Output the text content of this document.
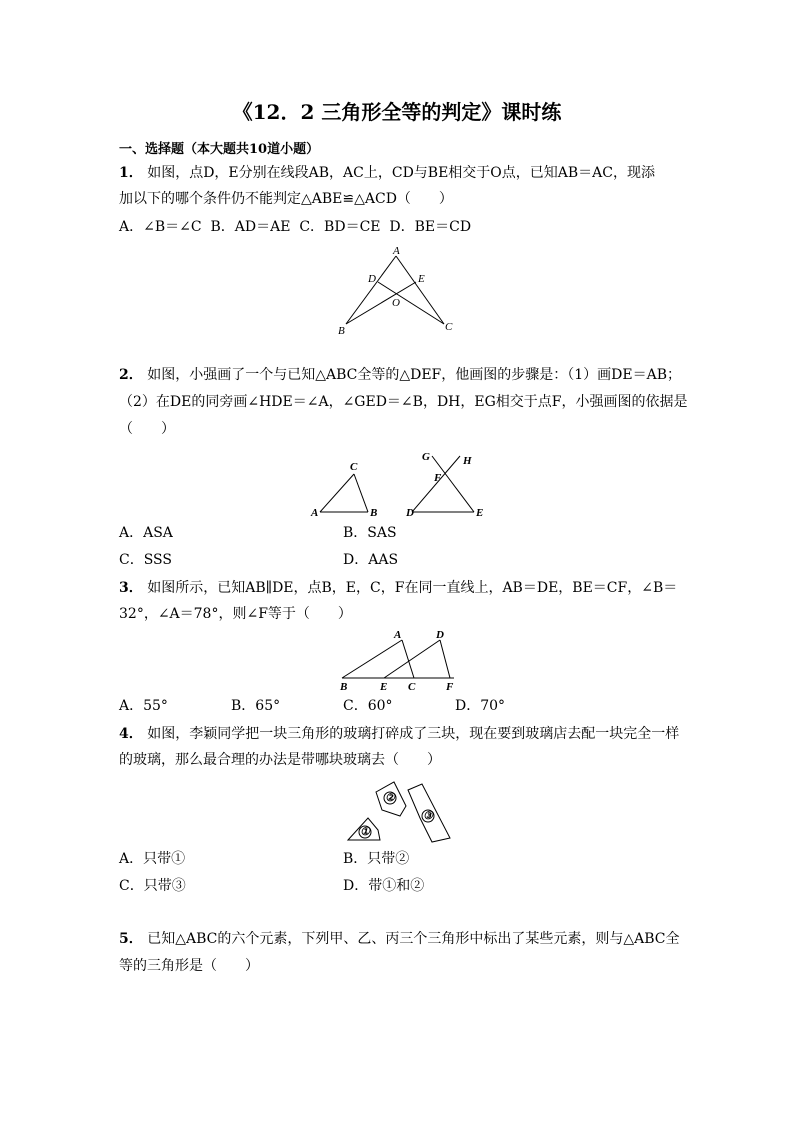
《12．2 三角形全等的判定》课时练
一、选择题（本大题共10道小题）
1． 如图，点D，E分别在线段AB，AC上，CD与BE相交于O点，已知AB＝AC，现添
加以下的哪个条件仍不能判定△ABE≌△ACD（　　）
A．∠B＝∠C B．AD＝AE C．BD＝CE D．BE＝CD
A
D	E
O
B	C
2． 如图，小强画了一个与已知△ABC全等的△DEF，他画图的步骤是：（1）画DE＝AB；
（2）在DE的同旁画∠HDE＝∠A，∠GED＝∠B，DH，EG相交于点F，小强画图的依据是
（　　）
C
A	B
G	H
F
D	E
A．ASA	B．SAS
C．SSS	D．AAS
3． 如图所示，已知AB∥DE，点B，E，C，F在同一直线上，AB＝DE，BE＝CF，∠B＝
32°，∠A＝78°，则∠F等于（　　）
A	D
B	E C	F
A．55°	B．65°	C．60°	D．70°
4． 如图，李颖同学把一块三角形的玻璃打碎成了三块，现在要到玻璃店去配一块完全一样
的玻璃，那么最合理的办法是带哪块玻璃去（　　）
①
②
③
A．只带①	B．只带②
C．只带③	D．带①和②
5． 已知△ABC的六个元素，下列甲、乙、丙三个三角形中标出了某些元素，则与△ABC全
等的三角形是（　　）
